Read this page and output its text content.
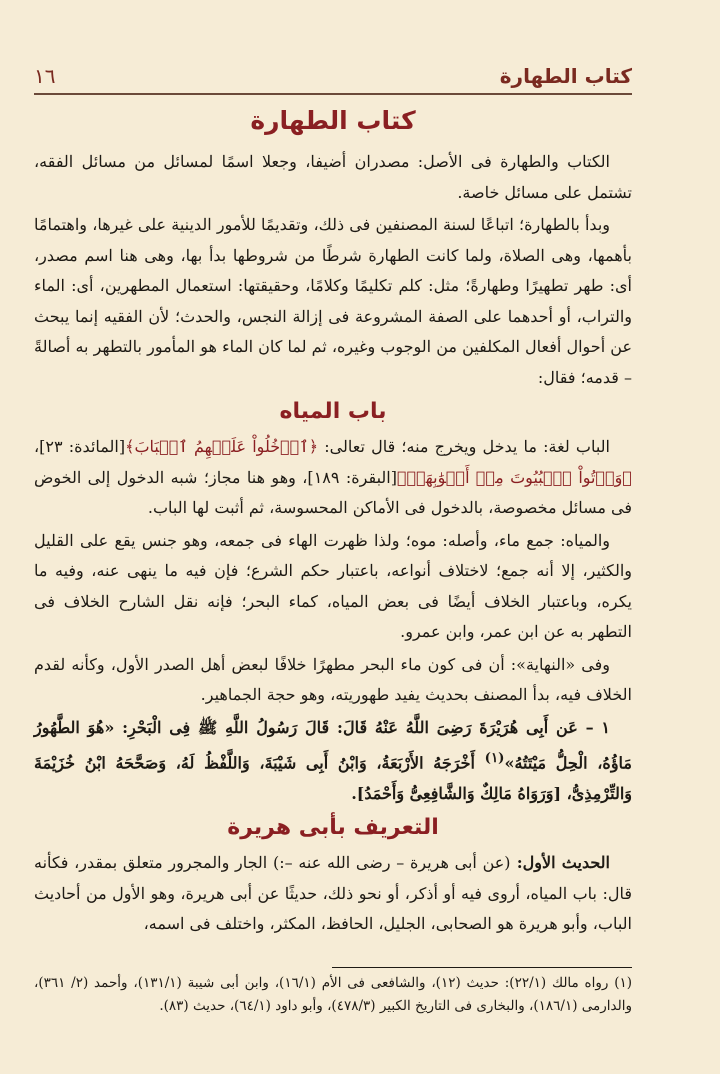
كتاب الطهارة
١٦
كتاب الطهارة

الكتاب والطهارة فى الأصل: مصدران أضيفا، وجعلا اسمًا لمسائل من مسائل الفقه، تشتمل على مسائل خاصة.

وبدأ بالطهارة؛ اتباعًا لسنة المصنفين فى ذلك، وتقديمًا للأمور الدينية على غيرها، واهتمامًا بأهمها، وهى الصلاة، ولما كانت الطهارة شرطًا من شروطها بدأ بها، وهى هنا اسم مصدر، أى: طهر تطهيرًا وطهارةً؛ مثل: كلم تكليمًا وكلامًا، وحقيقتها: استعمال المطهرين، أى: الماء والتراب، أو أحدهما على الصفة المشروعة فى إزالة النجس، والحدث؛ لأن الفقيه إنما يبحث عن أحوال أفعال المكلفين من الوجوب وغيره، ثم لما كان الماء هو المأمور بالتطهر به أصالةً – قدمه؛ فقال:

باب المياه

الباب لغة: ما يدخل ويخرج منه؛ قال تعالى: ﴿ٱدۡخُلُواْ عَلَيۡهِمُ ٱلۡبَابَ﴾[المائدة: ٢٣]، ﴿وَأۡتُواْ ٱلۡبُيُوتَ مِنۡ أَبۡوَٰبِهَاۚ﴾[البقرة: ١٨٩]، وهو هنا مجاز؛ شبه الدخول إلى الخوض فى مسائل مخصوصة، بالدخول فى الأماكن المحسوسة، ثم أثبت لها الباب.

والمياه: جمع ماء، وأصله: موه؛ ولذا ظهرت الهاء فى جمعه، وهو جنس يقع على القليل والكثير، إلا أنه جمع؛ لاختلاف أنواعه، باعتبار حكم الشرع؛ فإن فيه ما ينهى عنه، وفيه ما يكره، وباعتبار الخلاف أيضًا فى بعض المياه، كماء البحر؛ فإنه نقل الشارح الخلاف فى التطهر به عن ابن عمر، وابن عمرو.

وفى «النهاية»: أن فى كون ماء البحر مطهرًا خلافًا لبعض أهل الصدر الأول، وكأنه لقدم الخلاف فيه، بدأ المصنف بحديث يفيد طهوريته، وهو حجة الجماهير.

١ – عَن أَبِى هُرَيْرَةَ رَضِىَ اللَّهُ عَنْهُ قَالَ: قَالَ رَسُولُ اللَّهِ ﷺ فِى الْبَحْرِ: «هُوَ الطَّهُورُ مَاؤُهُ، الْحِلُّ مَيْتَتُهُ»$^{(١)}$ أَخْرَجَهُ الأَرْبَعَةُ، وَابْنُ أَبِى شَيْبَةَ، وَاللَّفْظُ لَهُ، وَصَحَّحَهُ ابْنُ خُزَيْمَةَ وَالتِّرْمِذِىُّ، [وَرَوَاهُ مَالِكٌ وَالشَّافِعِىُّ وَأَحْمَدُ].

التعريف بأبى هريرة

الحديث الأول: (عن أبى هريرة – رضى الله عنه –:) الجار والمجرور متعلق بمقدر، فكأنه قال: باب المياه، أروى فيه أو أذكر، أو نحو ذلك، حديثًا عن أبى هريرة، وهو الأول من أحاديث الباب، وأبو هريرة هو الصحابى، الجليل، الحافظ، المكثر، واختلف فى اسمه،

(١) رواه مالك (٢٢/١): حديث (١٢)، والشافعى فى الأم (١٦/١)، وابن أبى شيبة (١٣١/١)، وأحمد (٢/ ٣٦١)، والدارمى (١٨٦/١)، والبخارى فى التاريخ الكبير (٤٧٨/٣)، وأبو داود (٦٤/١)، حديث (٨٣).
